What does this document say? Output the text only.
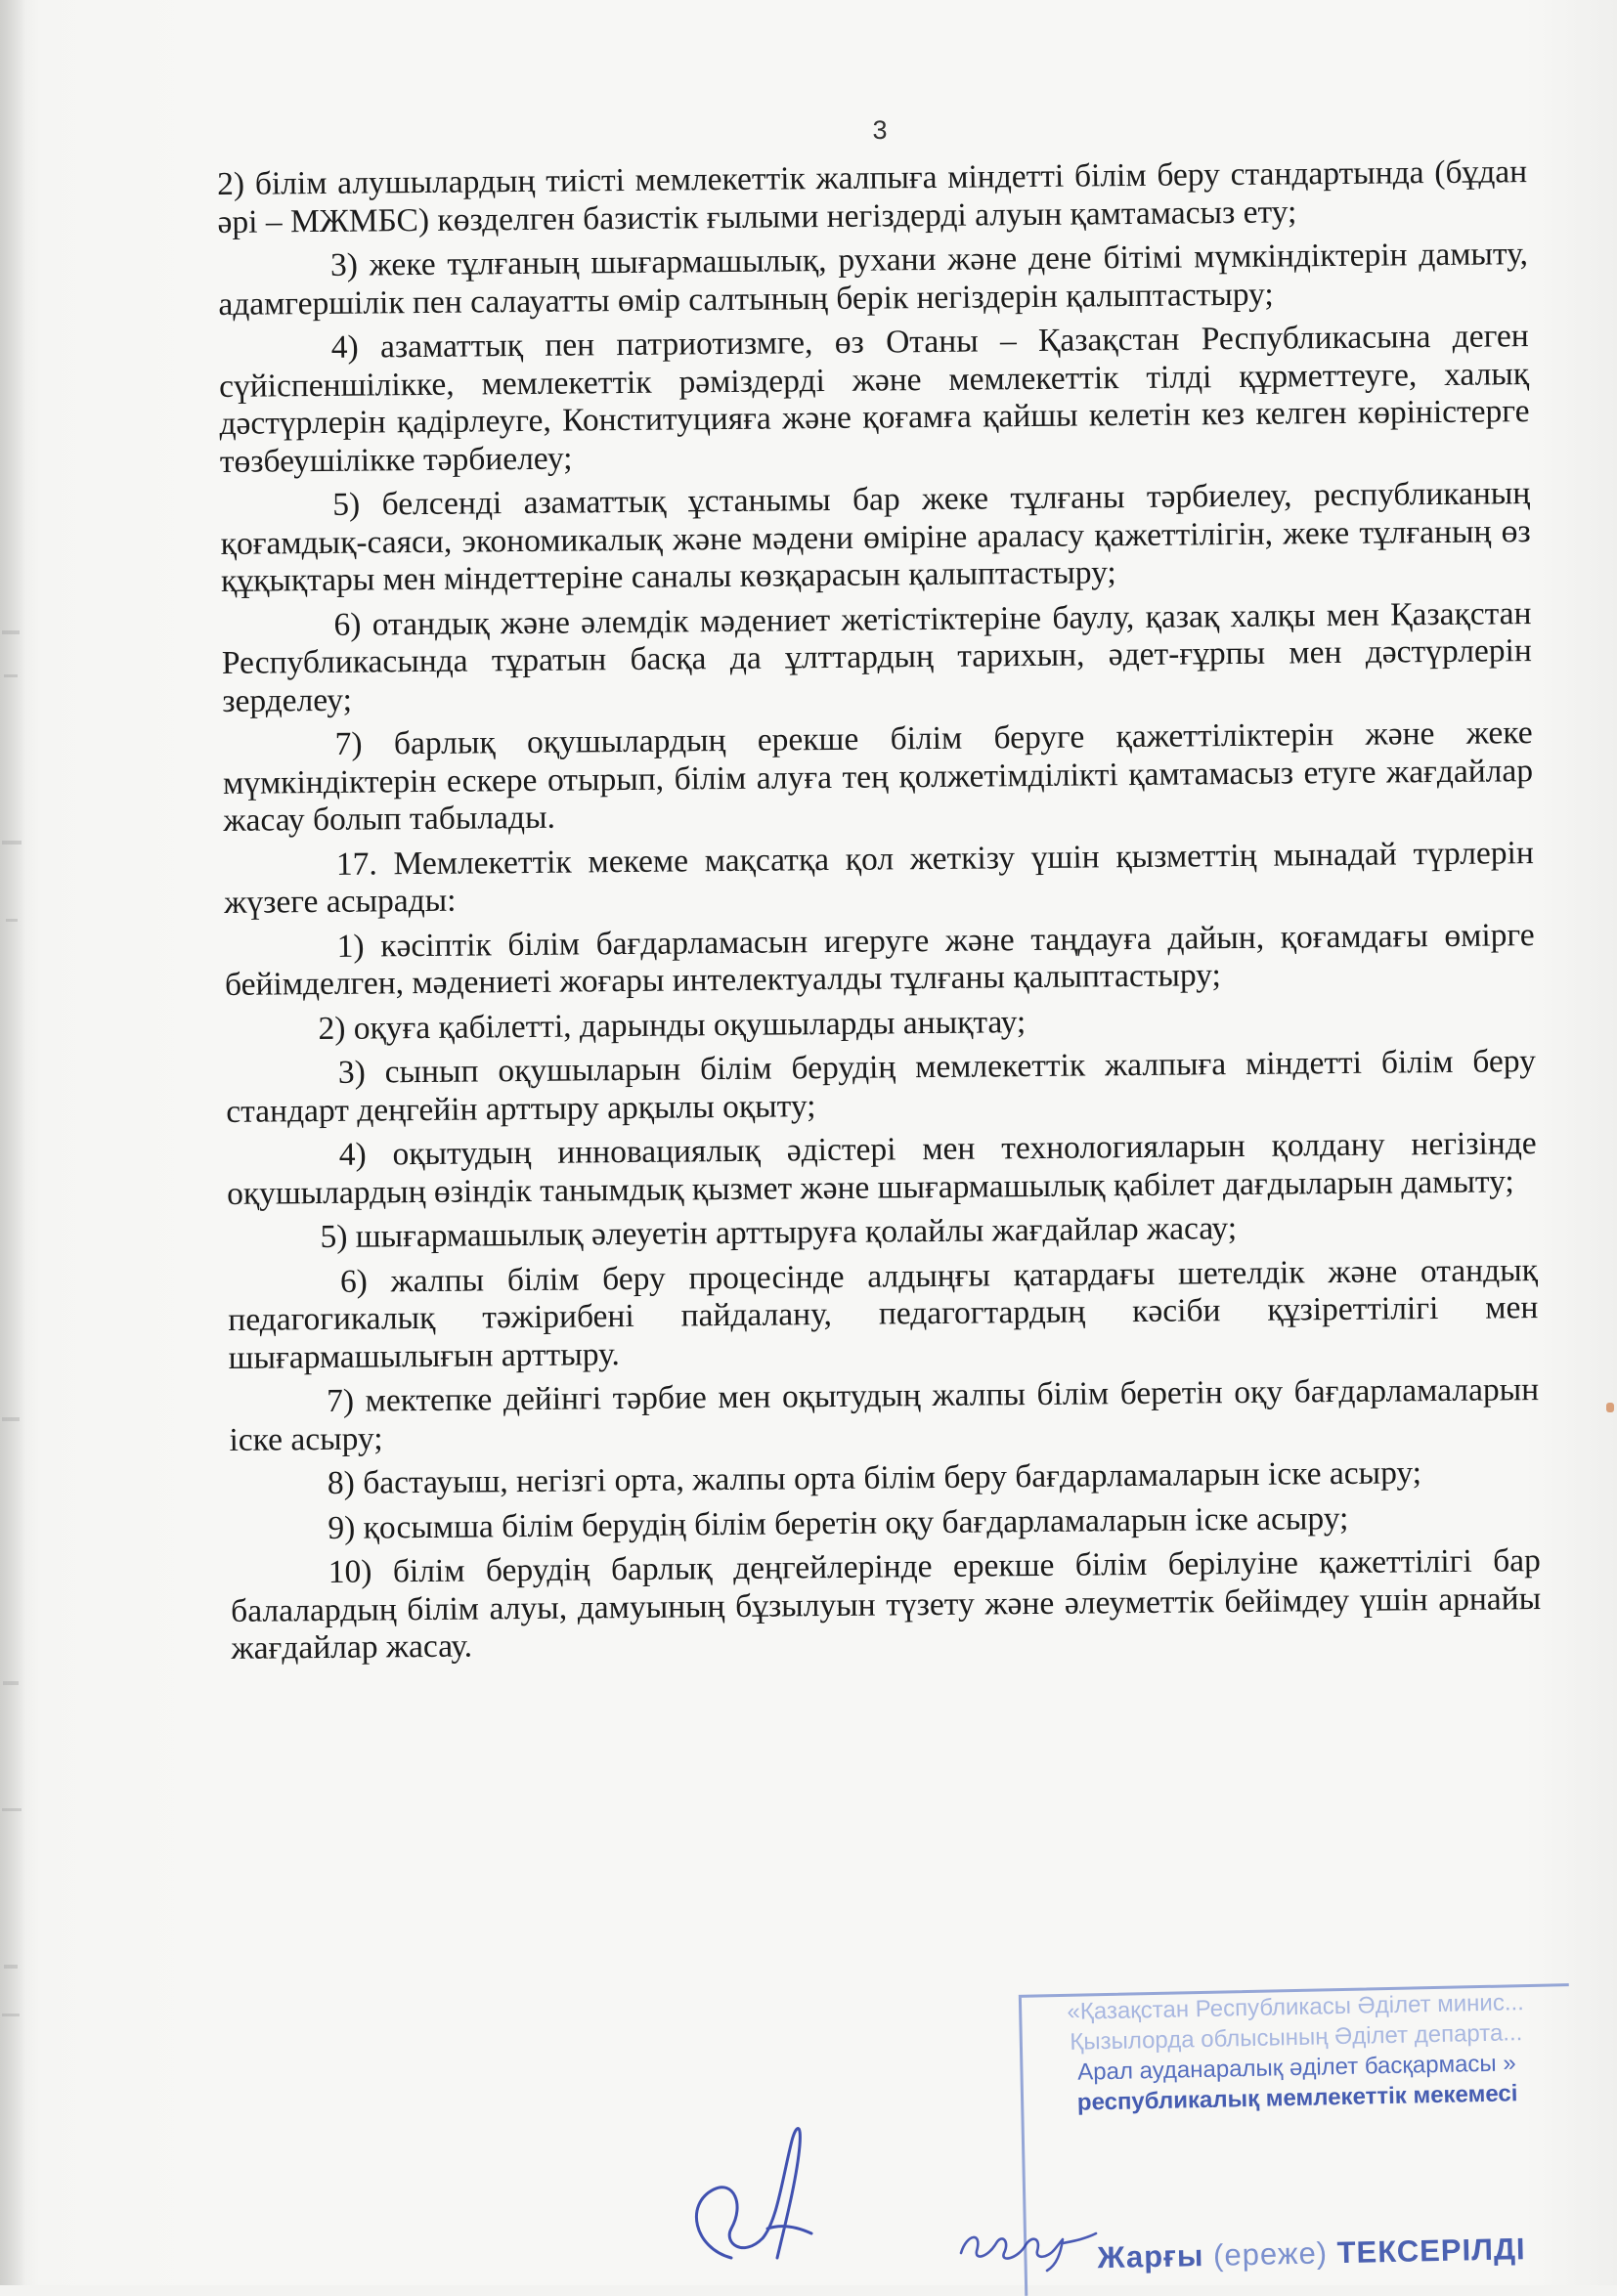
3

2) білім алушылардың тиісті мемлекеттік жалпыға міндетті білім беру стандартында (бұдан әрі – МЖМБС) көзделген базистік ғылыми негіздерді алуын қамтамасыз ету;

3) жеке тұлғаның шығармашылық, рухани және дене бітімі мүмкіндіктерін дамыту, адамгершілік пен салауатты өмір салтының берік негіздерін қалыптастыру;

4) азаматтық пен патриотизмге, өз Отаны – Қазақстан Республикасына деген сүйіспеншілікке, мемлекеттік рәміздерді және мемлекеттік тілді құрметтеуге, халық дәстүрлерін қадірлеуге, Конституцияға және қоғамға қайшы келетін кез келген көріністерге төзбеушілікке тәрбиелеу;

5) белсенді азаматтық ұстанымы бар жеке тұлғаны тәрбиелеу, республиканың қоғамдық-саяси, экономикалық және мәдени өміріне араласу қажеттілігін, жеке тұлғаның өз құқықтары мен міндеттеріне саналы көзқарасын қалыптастыру;

6) отандық және әлемдік мәдениет жетістіктеріне баулу, қазақ халқы мен Қазақстан Республикасында тұратын басқа да ұлттардың тарихын, әдет-ғұрпы мен дәстүрлерін зерделеу;

7) барлық оқушылардың ерекше білім беруге қажеттіліктерін және жеке мүмкіндіктерін ескере отырып, білім алуға тең қолжетімділікті қамтамасыз етуге жағдайлар жасау болып табылады.

17. Мемлекеттік мекеме мақсатқа қол жеткізу үшін қызметтің мынадай түрлерін жүзеге асырады:

1) кәсіптік білім бағдарламасын игеруге және таңдауға дайын, қоғамдағы өмірге бейімделген, мәдениеті жоғары интелектуалды тұлғаны қалыптастыру;

2) оқуға қабілетті, дарынды оқушыларды анықтау;

3) сынып оқушыларын білім берудің мемлекеттік жалпыға міндетті білім беру стандарт деңгейін арттыру арқылы оқыту;

4) оқытудың инновациялық әдістері мен технологияларын қолдану негізінде оқушылардың өзіндік танымдық қызмет және шығармашылық қабілет дағдыларын дамыту;

5) шығармашылық әлеуетін арттыруға қолайлы жағдайлар жасау;

6) жалпы білім беру процесінде алдыңғы қатардағы шетелдік және отандық педагогикалық тәжірибені пайдалану, педагогтардың кәсіби құзіреттілігі мен шығармашылығын арттыру.

7) мектепке дейінгі тәрбие мен оқытудың жалпы білім беретін оқу бағдарламаларын іске асыру;

8) бастауыш, негізгі орта, жалпы орта білім беру бағдарламаларын іске асыру;

9) қосымша білім берудің білім беретін оқу бағдарламаларын іске асыру;

10) білім берудің барлық деңгейлерінде ерекше білім берілуіне қажеттілігі бар балалардың білім алуы, дамуының бұзылуын түзету және әлеуметтік бейімдеу үшін арнайы жағдайлар жасау.

«Қазақстан Республикасы Әділет минис...
Қызылорда облысының Әділет департа...
Арал ауданаралық әділет басқармасы »
республикалық мемлекеттік мекемесі
Жарғы (ереже) ТЕКСЕРІЛДІ
